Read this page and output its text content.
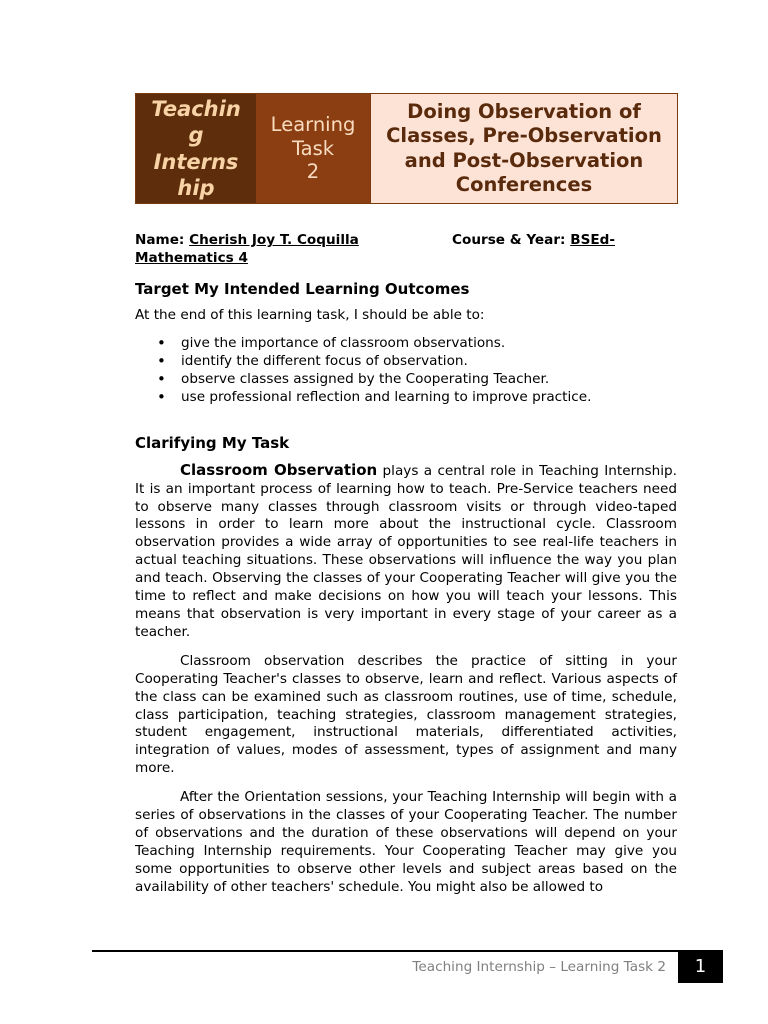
Teachin
g
Interns
hip
Learning
Task
2
Doing Observation of
Classes, Pre-Observation
and Post-Observation
Conferences
Name: Cherish Joy T. Coquilla	Course & Year: BSEd-
Mathematics 4
Target My Intended Learning Outcomes

At the end of this learning task, I should be able to:

• give the importance of classroom observations.
• identify the different focus of observation.
• observe classes assigned by the Cooperating Teacher.
• use professional reflection and learning to improve practice.
Clarifying My Task

Classroom Observation plays a central role in Teaching Internship. It is an important process of learning how to teach. Pre-Service teachers need to observe many classes through classroom visits or through video-taped lessons in order to learn more about the instructional cycle. Classroom observation provides a wide array of opportunities to see real-life teachers in actual teaching situations. These observations will influence the way you plan and teach. Observing the classes of your Cooperating Teacher will give you the time to reflect and make decisions on how you will teach your lessons. This means that observation is very important in every stage of your career as a teacher.

Classroom observation describes the practice of sitting in your Cooperating Teacher's classes to observe, learn and reflect. Various aspects of the class can be examined such as classroom routines, use of time, schedule, class participation, teaching strategies, classroom management strategies, student engagement, instructional materials, differentiated activities, integration of values, modes of assessment, types of assignment and many more.

After the Orientation sessions, your Teaching Internship will begin with a series of observations in the classes of your Cooperating Teacher. The number of observations and the duration of these observations will depend on your Teaching Internship requirements. Your Cooperating Teacher may give you some opportunities to observe other levels and subject areas based on the availability of other teachers' schedule. You might also be allowed to

Teaching Internship – Learning Task 2	1
